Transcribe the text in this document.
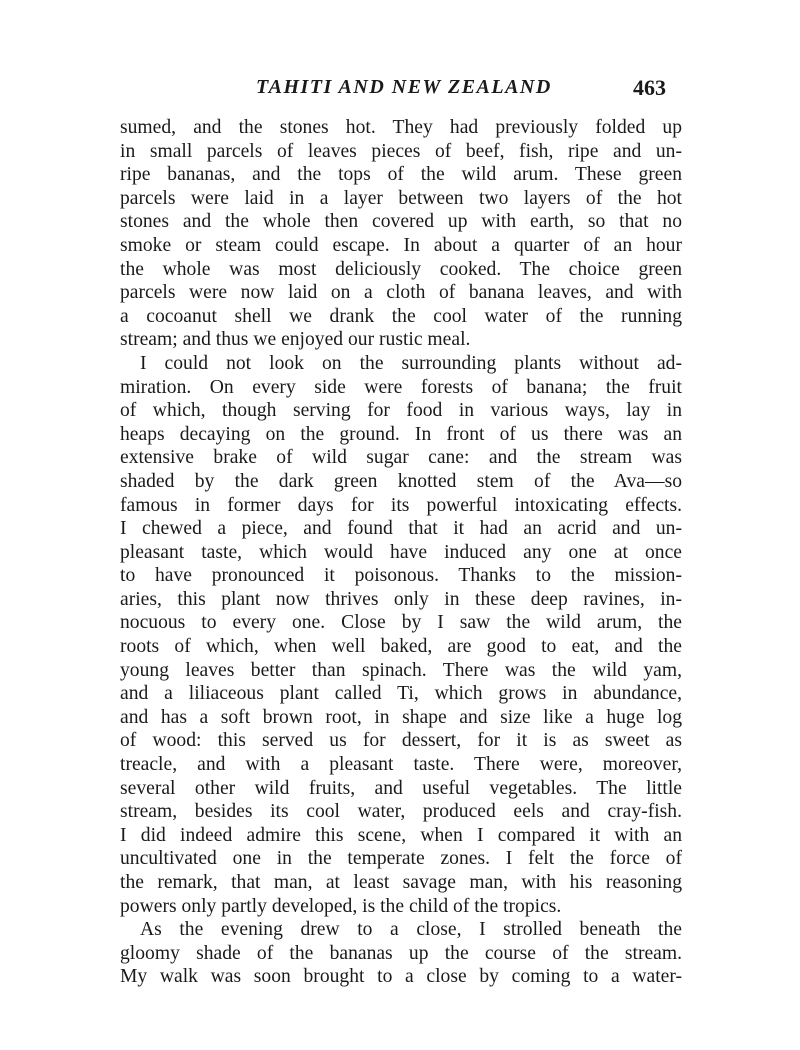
TAHITI AND NEW ZEALAND	463
sumed, and the stones hot. They had previously folded up
in small parcels of leaves pieces of beef, fish, ripe and un-
ripe bananas, and the tops of the wild arum. These green
parcels were laid in a layer between two layers of the hot
stones and the whole then covered up with earth, so that no
smoke or steam could escape. In about a quarter of an hour
the whole was most deliciously cooked. The choice green
parcels were now laid on a cloth of banana leaves, and with
a cocoanut shell we drank the cool water of the running
stream; and thus we enjoyed our rustic meal.
I could not look on the surrounding plants without ad-
miration. On every side were forests of banana; the fruit
of which, though serving for food in various ways, lay in
heaps decaying on the ground. In front of us there was an
extensive brake of wild sugar cane: and the stream was
shaded by the dark green knotted stem of the Ava—so
famous in former days for its powerful intoxicating effects.
I chewed a piece, and found that it had an acrid and un-
pleasant taste, which would have induced any one at once
to have pronounced it poisonous. Thanks to the mission-
aries, this plant now thrives only in these deep ravines, in-
nocuous to every one. Close by I saw the wild arum, the
roots of which, when well baked, are good to eat, and the
young leaves better than spinach. There was the wild yam,
and a liliaceous plant called Ti, which grows in abundance,
and has a soft brown root, in shape and size like a huge log
of wood: this served us for dessert, for it is as sweet as
treacle, and with a pleasant taste. There were, moreover,
several other wild fruits, and useful vegetables. The little
stream, besides its cool water, produced eels and cray-fish.
I did indeed admire this scene, when I compared it with an
uncultivated one in the temperate zones. I felt the force of
the remark, that man, at least savage man, with his reasoning
powers only partly developed, is the child of the tropics.
As the evening drew to a close, I strolled beneath the
gloomy shade of the bananas up the course of the stream.
My walk was soon brought to a close by coming to a water-
